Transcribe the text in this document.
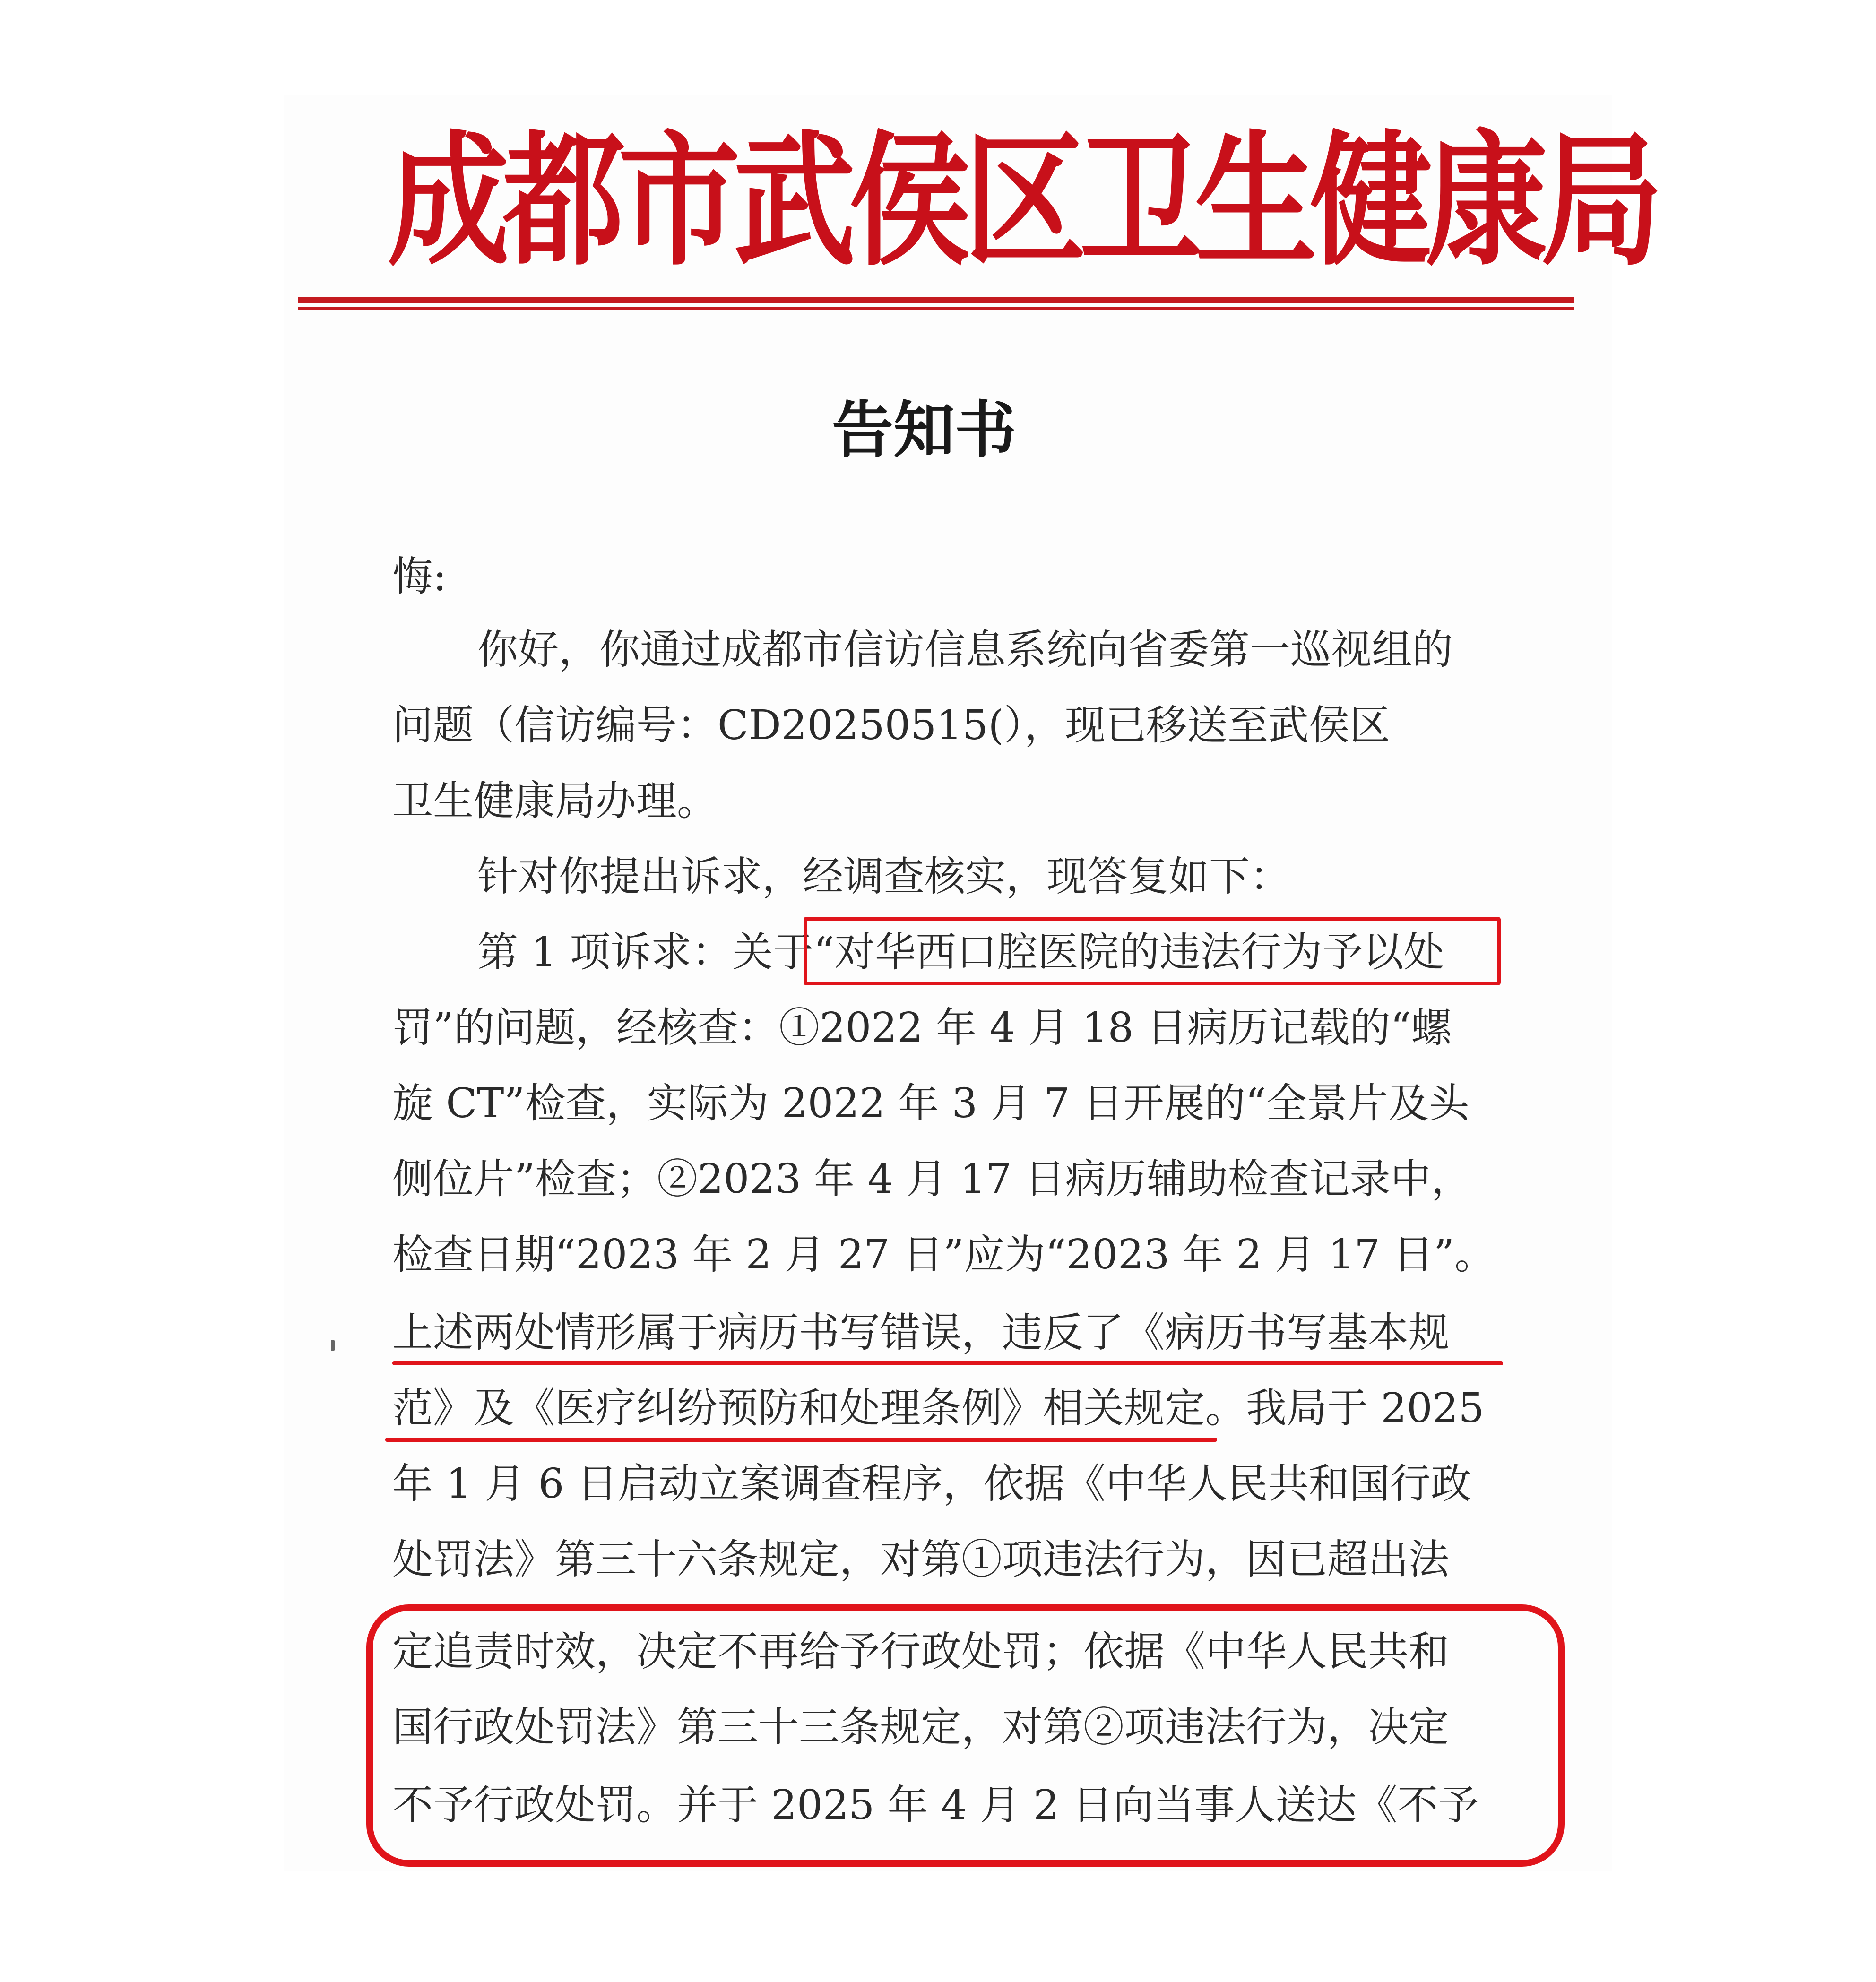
成都市武侯区卫生健康局
告知书
悔:
你好，你通过成都市信访信息系统向省委第一巡视组的
问题（信访编号：CD20250515(），现已移送至武侯区
卫生健康局办理。
针对你提出诉求，经调查核实，现答复如下：
第 1 项诉求：关于“对华西口腔医院的违法行为予以处
罚”的问题，经核查：①2022 年 4 月 18 日病历记载的“螺
旋 CT”检查，实际为 2022 年 3 月 7 日开展的“全景片及头
侧位片”检查；②2023 年 4 月 17 日病历辅助检查记录中，
检查日期“2023 年 2 月 27 日”应为“2023 年 2 月 17 日”。
上述两处情形属于病历书写错误，违反了《病历书写基本规
范》及《医疗纠纷预防和处理条例》相关规定。我局于 2025
年 1 月 6 日启动立案调查程序，依据《中华人民共和国行政
处罚法》第三十六条规定，对第①项违法行为，因已超出法
定追责时效，决定不再给予行政处罚；依据《中华人民共和
国行政处罚法》第三十三条规定，对第②项违法行为，决定
不予行政处罚。并于 2025 年 4 月 2 日向当事人送达《不予
